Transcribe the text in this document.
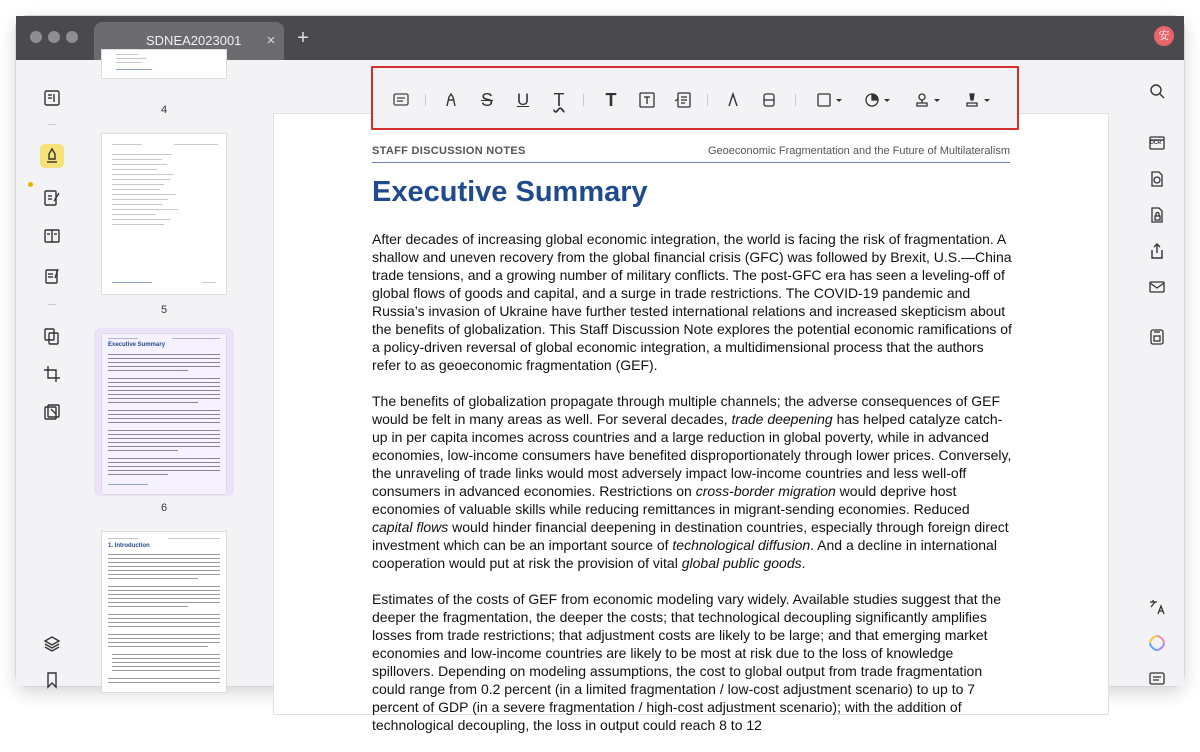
SDNEA2023001	×	+	安
4
5
Executive Summary
6
1. Introduction
STAFF DISCUSSION NOTES	Geoeconomic Fragmentation and the Future of Multilateralism
Executive Summary

After decades of increasing global economic integration, the world is facing the risk of fragmentation. A shallow and uneven recovery from the global financial crisis (GFC) was followed by Brexit, U.S.—China trade tensions, and a growing number of military conflicts. The post-GFC era has seen a leveling-off of global flows of goods and capital, and a surge in trade restrictions. The COVID-19 pandemic and Russia’s invasion of Ukraine have further tested international relations and increased skepticism about the benefits of globalization. This Staff Discussion Note explores the potential economic ramifications of a policy-driven reversal of global economic integration, a multidimensional process that the authors refer to as geoeconomic fragmentation (GEF).

The benefits of globalization propagate through multiple channels; the adverse consequences of GEF would be felt in many areas as well. For several decades, trade deepening has helped catalyze catch-up in per capita incomes across countries and a large reduction in global poverty, while in advanced economies, low-income consumers have benefited disproportionately through lower prices. Conversely, the unraveling of trade links would most adversely impact low-income countries and less well-off consumers in advanced economies. Restrictions on cross-border migration would deprive host economies of valuable skills while reducing remittances in migrant-sending economies. Reduced capital flows would hinder financial deepening in destination countries, especially through foreign direct investment which can be an important source of technological diffusion. And a decline in international cooperation would put at risk the provision of vital global public goods.

Estimates of the costs of GEF from economic modeling vary widely. Available studies suggest that the deeper the fragmentation, the deeper the costs; that technological decoupling significantly amplifies losses from trade restrictions; that adjustment costs are likely to be large; and that emerging market economies and low-income countries are likely to be most at risk due to the loss of knowledge spillovers. Depending on modeling assumptions, the cost to global output from trade fragmentation could range from 0.2 percent (in a limited fragmentation / low-cost adjustment scenario) to up to 7 percent of GDP (in a severe fragmentation / high-cost adjustment scenario); with the addition of technological decoupling, the loss in output could reach 8 to 12

S U T T
OCR
